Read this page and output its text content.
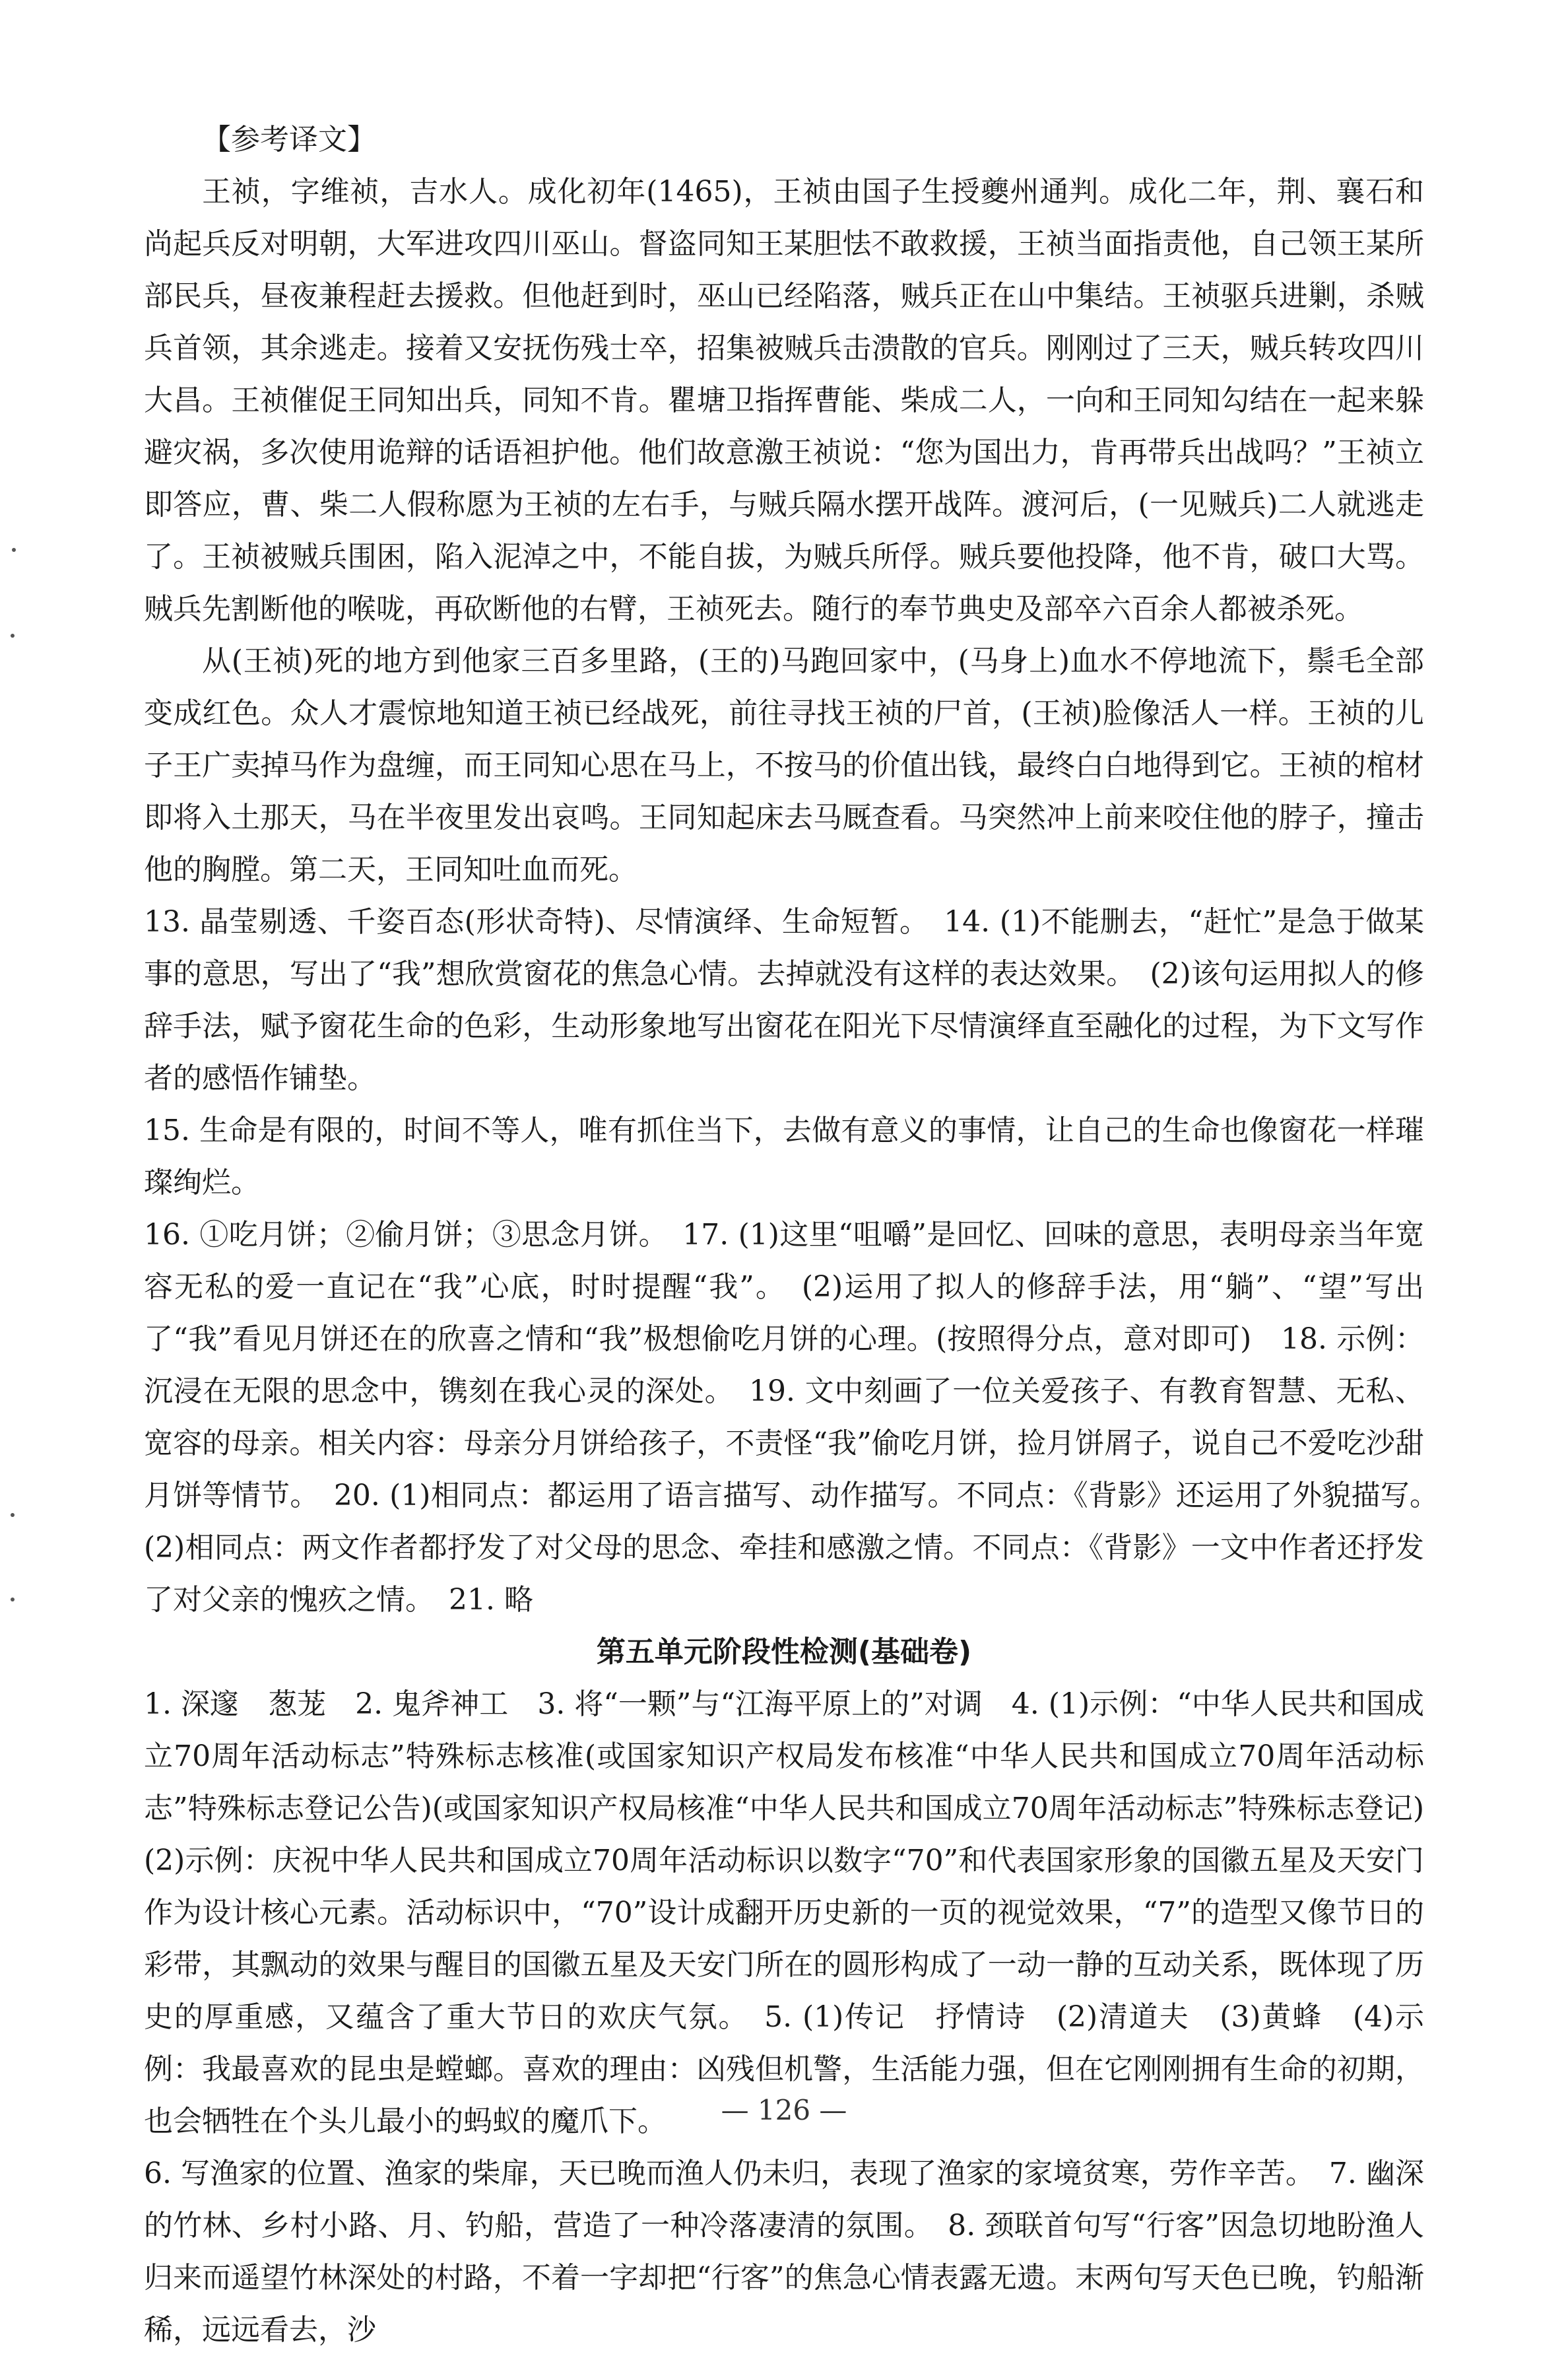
【参考译文】

王祯，字维祯，吉水人。成化初年(1465)，王祯由国子生授夔州通判。成化二年，荆、襄石和尚起兵反对明朝，大军进攻四川巫山。督盗同知王某胆怯不敢救援，王祯当面指责他，自己领王某所部民兵，昼夜兼程赶去援救。但他赶到时，巫山已经陷落，贼兵正在山中集结。王祯驱兵进剿，杀贼兵首领，其余逃走。接着又安抚伤残士卒，招集被贼兵击溃散的官兵。刚刚过了三天，贼兵转攻四川大昌。王祯催促王同知出兵，同知不肯。瞿塘卫指挥曹能、柴成二人，一向和王同知勾结在一起来躲避灾祸，多次使用诡辩的话语袒护他。他们故意激王祯说：“您为国出力，肯再带兵出战吗？”王祯立即答应，曹、柴二人假称愿为王祯的左右手，与贼兵隔水摆开战阵。渡河后，(一见贼兵)二人就逃走了。王祯被贼兵围困，陷入泥淖之中，不能自拔，为贼兵所俘。贼兵要他投降，他不肯，破口大骂。贼兵先割断他的喉咙，再砍断他的右臂，王祯死去。随行的奉节典史及部卒六百余人都被杀死。

从(王祯)死的地方到他家三百多里路，(王的)马跑回家中，(马身上)血水不停地流下，鬃毛全部变成红色。众人才震惊地知道王祯已经战死，前往寻找王祯的尸首，(王祯)脸像活人一样。王祯的儿子王广卖掉马作为盘缠，而王同知心思在马上，不按马的价值出钱，最终白白地得到它。王祯的棺材即将入土那天，马在半夜里发出哀鸣。王同知起床去马厩查看。马突然冲上前来咬住他的脖子，撞击他的胸膛。第二天，王同知吐血而死。

13. 晶莹剔透、千姿百态(形状奇特)、尽情演绎、生命短暂。　14. (1)不能删去，“赶忙”是急于做某事的意思，写出了“我”想欣赏窗花的焦急心情。去掉就没有这样的表达效果。　(2)该句运用拟人的修辞手法，赋予窗花生命的色彩，生动形象地写出窗花在阳光下尽情演绎直至融化的过程，为下文写作者的感悟作铺垫。

15. 生命是有限的，时间不等人，唯有抓住当下，去做有意义的事情，让自己的生命也像窗花一样璀璨绚烂。

16. ①吃月饼；②偷月饼；③思念月饼。　17. (1)这里“咀嚼”是回忆、回味的意思，表明母亲当年宽容无私的爱一直记在“我”心底，时时提醒“我”。　(2)运用了拟人的修辞手法，用“躺”、“望”写出了“我”看见月饼还在的欣喜之情和“我”极想偷吃月饼的心理。(按照得分点，意对即可)　18. 示例：沉浸在无限的思念中，镌刻在我心灵的深处。　19. 文中刻画了一位关爱孩子、有教育智慧、无私、宽容的母亲。相关内容：母亲分月饼给孩子，不责怪“我”偷吃月饼，捡月饼屑子，说自己不爱吃沙甜月饼等情节。　20. (1)相同点：都运用了语言描写、动作描写。不同点：《背影》还运用了外貌描写。　(2)相同点：两文作者都抒发了对父母的思念、牵挂和感激之情。不同点：《背影》一文中作者还抒发了对父亲的愧疚之情。　21. 略

第五单元阶段性检测(基础卷)

1. 深邃　葱茏　2. 鬼斧神工　3. 将“一颗”与“江海平原上的”对调　4. (1)示例：“中华人民共和国成立70周年活动标志”特殊标志核准(或国家知识产权局发布核准“中华人民共和国成立70周年活动标志”特殊标志登记公告)(或国家知识产权局核准“中华人民共和国成立70周年活动标志”特殊标志登记)　(2)示例：庆祝中华人民共和国成立70周年活动标识以数字“70”和代表国家形象的国徽五星及天安门作为设计核心元素。活动标识中，“70”设计成翻开历史新的一页的视觉效果，“7”的造型又像节日的彩带，其飘动的效果与醒目的国徽五星及天安门所在的圆形构成了一动一静的互动关系，既体现了历史的厚重感，又蕴含了重大节日的欢庆气氛。　5. (1)传记　抒情诗　(2)清道夫　(3)黄蜂　(4)示例：我最喜欢的昆虫是螳螂。喜欢的理由：凶残但机警，生活能力强，但在它刚刚拥有生命的初期，也会牺牲在个头儿最小的蚂蚁的魔爪下。

6. 写渔家的位置、渔家的柴扉，天已晚而渔人仍未归，表现了渔家的家境贫寒，劳作辛苦。　7. 幽深的竹林、乡村小路、月、钓船，营造了一种冷落凄清的氛围。　8. 颈联首句写“行客”因急切地盼渔人归来而遥望竹林深处的村路，不着一字却把“行客”的焦急心情表露无遗。末两句写天色已晚，钓船渐稀，远远看去，沙

— 126 —
